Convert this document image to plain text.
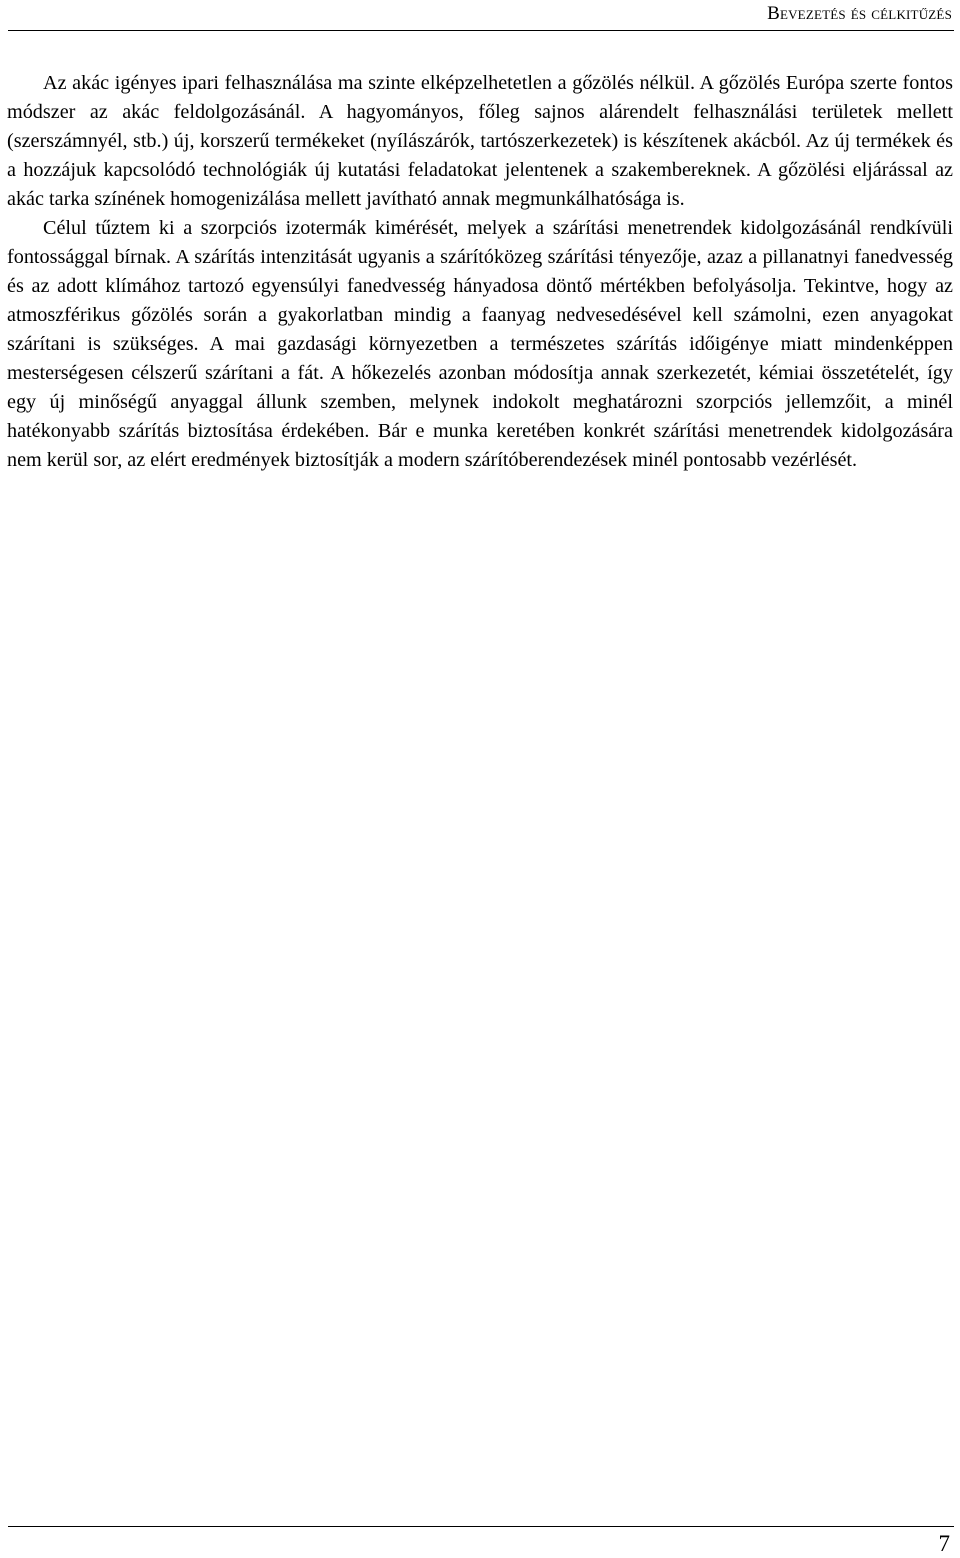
Bevezetés és célkitűzés

Az akác igényes ipari felhasználása ma szinte elképzelhetetlen a gőzölés nélkül. A gőzölés Európa szerte fontos módszer az akác feldolgozásánál. A hagyományos, főleg sajnos alárendelt felhasználási területek mellett (szerszámnyél, stb.) új, korszerű termékeket (nyílászárók, tartószerkezetek) is készítenek akácból. Az új termékek és a hozzájuk kapcsolódó technológiák új kutatási feladatokat jelentenek a szakembereknek. A gőzölési eljárással az akác tarka színének homogenizálása mellett javítható annak megmunkálhatósága is.

Célul tűztem ki a szorpciós izotermák kimérését, melyek a szárítási menetrendek kidolgozásánál rendkívüli fontossággal bírnak. A szárítás intenzitását ugyanis a szárítóközeg szárítási tényezője, azaz a pillanatnyi fanedvesség és az adott klímához tartozó egyensúlyi fanedvesség hányadosa döntő mértékben befolyásolja. Tekintve, hogy az atmoszférikus gőzölés során a gyakorlatban mindig a faanyag nedvesedésével kell számolni, ezen anyagokat szárítani is szükséges. A mai gazdasági környezetben a természetes szárítás időigénye miatt mindenképpen mesterségesen célszerű szárítani a fát. A hőkezelés azonban módosítja annak szerkezetét, kémiai összetételét, így egy új minőségű anyaggal állunk szemben, melynek indokolt meghatározni szorpciós jellemzőit, a minél hatékonyabb szárítás biztosítása érdekében. Bár e munka keretében konkrét szárítási menetrendek kidolgozására nem kerül sor, az elért eredmények biztosítják a modern szárítóberendezések minél pontosabb vezérlését.

7
